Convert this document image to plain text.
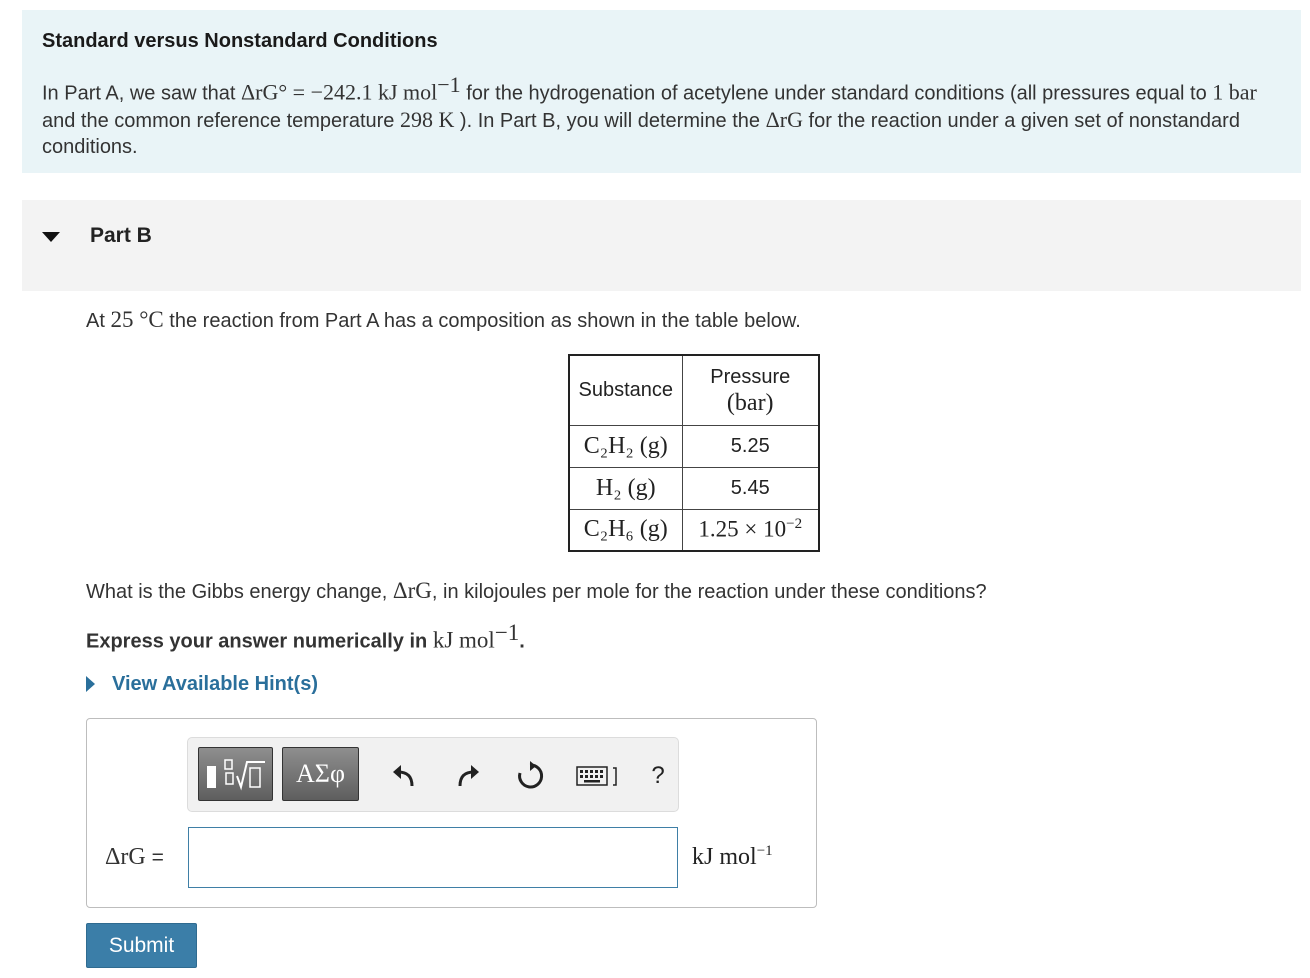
Standard versus Nonstandard Conditions
In Part A, we saw that ΔrG° = −242.1 kJ mol$^{-1}$ for the hydrogenation of acetylene under standard conditions (all pressures equal to 1 bar and the common reference temperature 298 K ). In Part B, you will determine the ΔrG for the reaction under a given set of nonstandard conditions.
Part B
At 25 °C the reaction from Part A has a composition as shown in the table below.
Substance	Pressure
(bar)

C₂H₂ (g)	5.25
H₂ (g)	5.45
C₂H₆ (g)	$1.25 \times 10^{-2}$
What is the Gibbs energy change, ΔrG, in kilojoules per mole for the reaction under these conditions?
Express your answer numerically in kJ mol$^{-1}$.
View Available Hint(s)
ΑΣφ	?
ΔrG =	kJ mol$^{-1}$
Submit
